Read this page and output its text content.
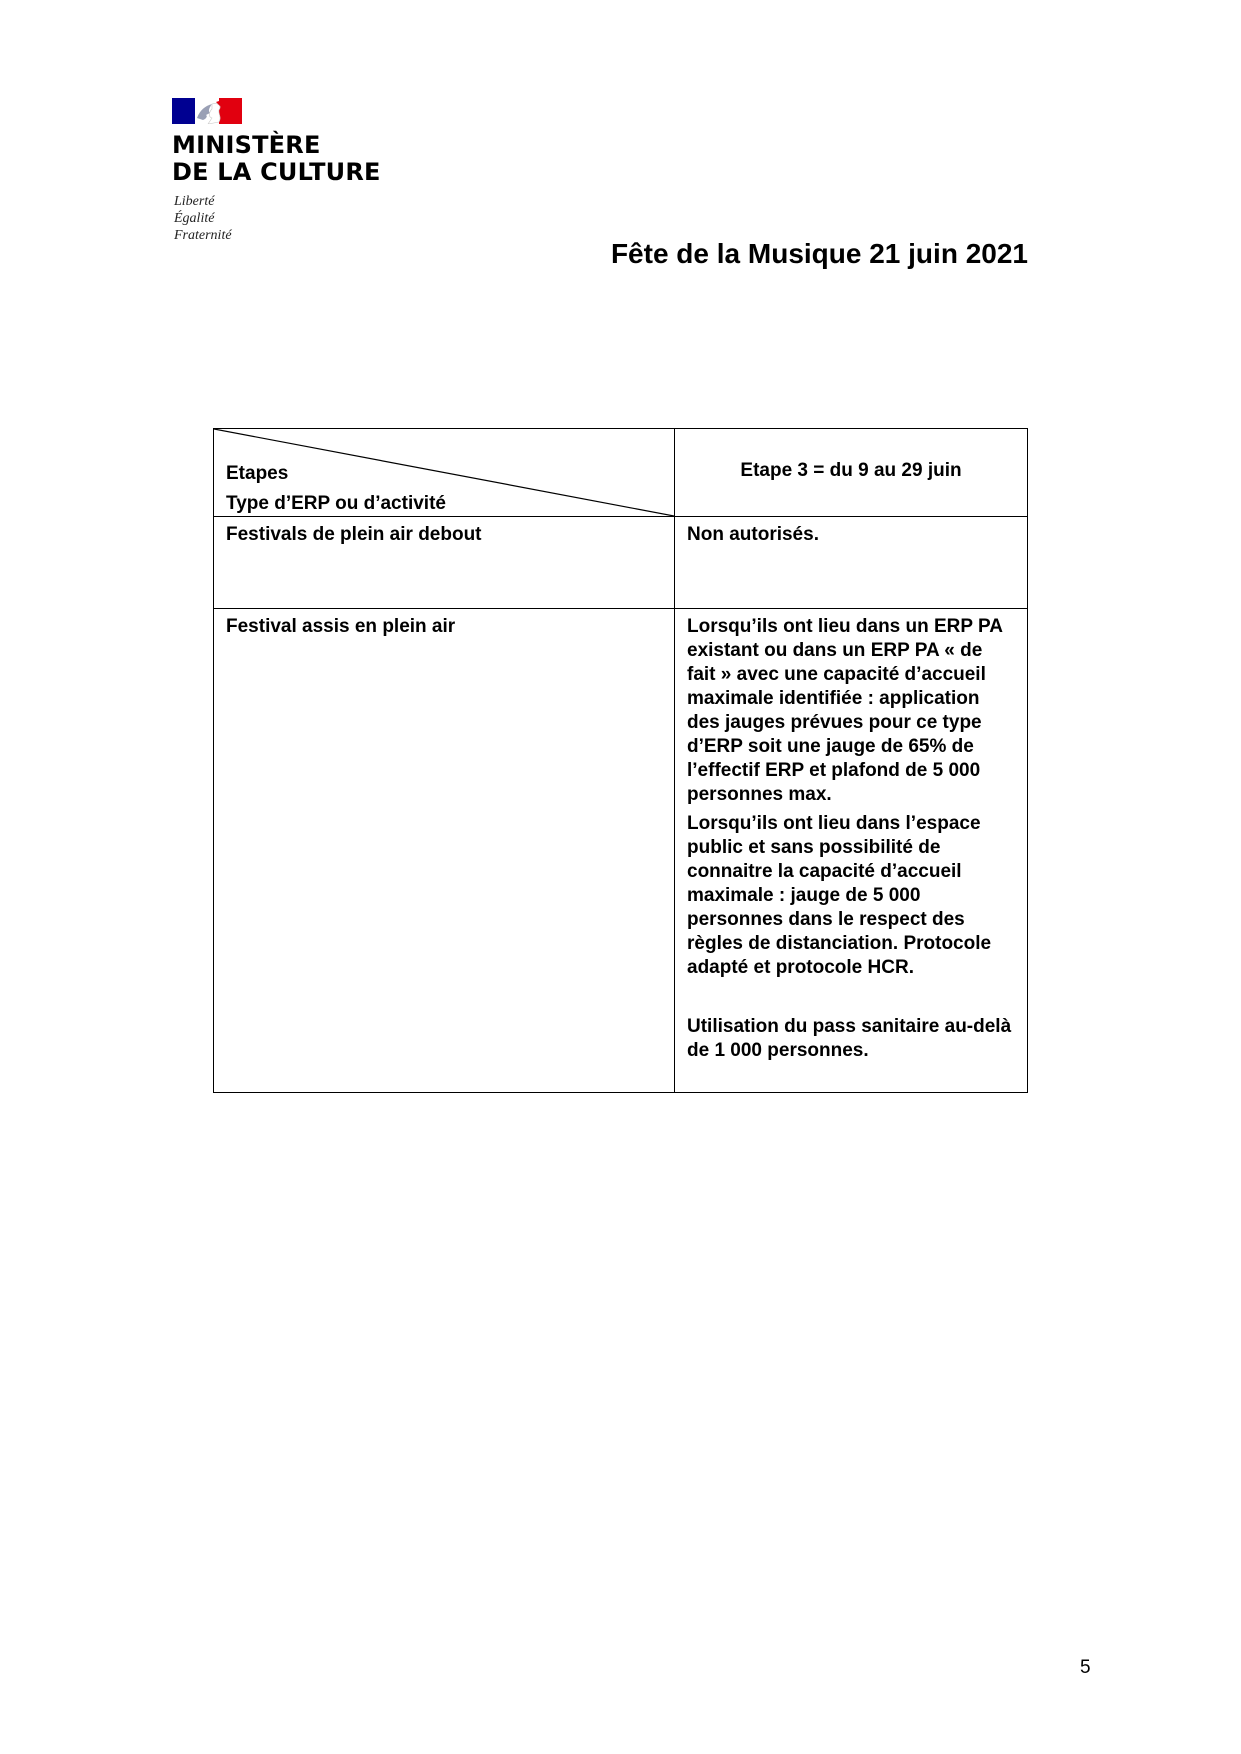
MINISTÈRE
DE LA CULTURE
Liberté
Égalité
Fraternité
Fête de la Musique 21 juin 2021
Etapes
Type d’ERP ou d’activité	Etape 3 = du 9 au 29 juin

Festivals de plein air debout	Non autorisés.

Festival assis en plein air	Lorsqu’ils ont lieu dans un ERP PA existant ou dans un ERP PA « de fait » avec une capacité d’accueil maximale identifiée : application des jauges prévues pour ce type d’ERP soit une jauge de 65% de l’effectif ERP et plafond de 5 000 personnes max.

Lorsqu’ils ont lieu dans l’espace public et sans possibilité de connaitre la capacité d’accueil maximale : jauge de 5 000 personnes dans le respect des règles de distanciation. Protocole adapté et protocole HCR.

Utilisation du pass sanitaire au-delà de 1 000 personnes.

5
